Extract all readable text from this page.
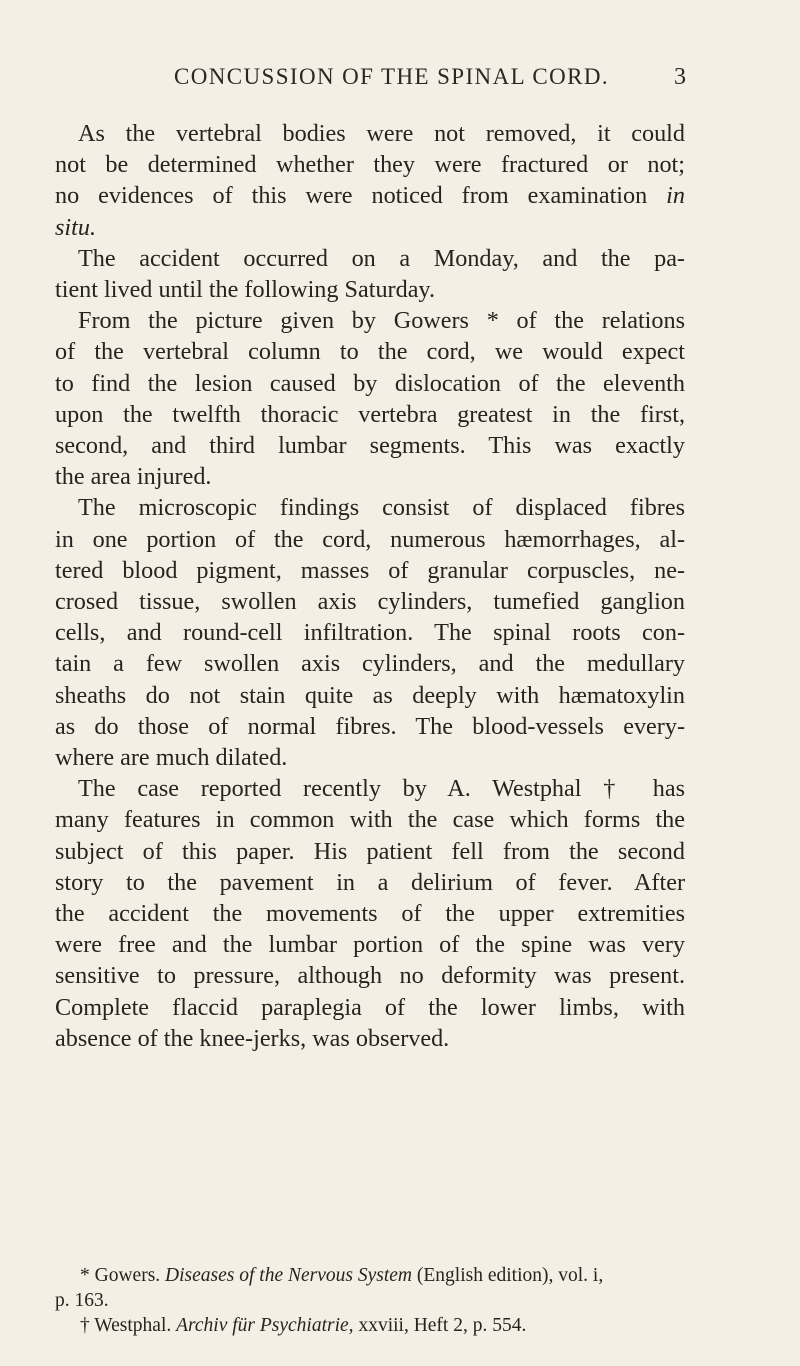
CONCUSSION OF THE SPINAL CORD.	3

As the vertebral bodies were not removed, it could
not be determined whether they were fractured or not;
no evidences of this were noticed from examination in
situ.

The accident occurred on a Monday, and the pa-
tient lived until the following Saturday.

From the picture given by Gowers * of the relations
of the vertebral column to the cord, we would expect
to find the lesion caused by dislocation of the eleventh
upon the twelfth thoracic vertebra greatest in the first,
second, and third lumbar segments. This was exactly
the area injured.

The microscopic findings consist of displaced fibres
in one portion of the cord, numerous hæmorrhages, al-
tered blood pigment, masses of granular corpuscles, ne-
crosed tissue, swollen axis cylinders, tumefied ganglion
cells, and round-cell infiltration. The spinal roots con-
tain a few swollen axis cylinders, and the medullary
sheaths do not stain quite as deeply with hæmatoxylin
as do those of normal fibres. The blood-vessels every-
where are much dilated.

The case reported recently by A. Westphal † has
many features in common with the case which forms the
subject of this paper. His patient fell from the second
story to the pavement in a delirium of fever. After
the accident the movements of the upper extremities
were free and the lumbar portion of the spine was very
sensitive to pressure, although no deformity was present.
Complete flaccid paraplegia of the lower limbs, with
absence of the knee-jerks, was observed.

* Gowers. Diseases of the Nervous System (English edition), vol. i,
p. 163.
† Westphal. Archiv für Psychiatrie, xxviii, Heft 2, p. 554.
